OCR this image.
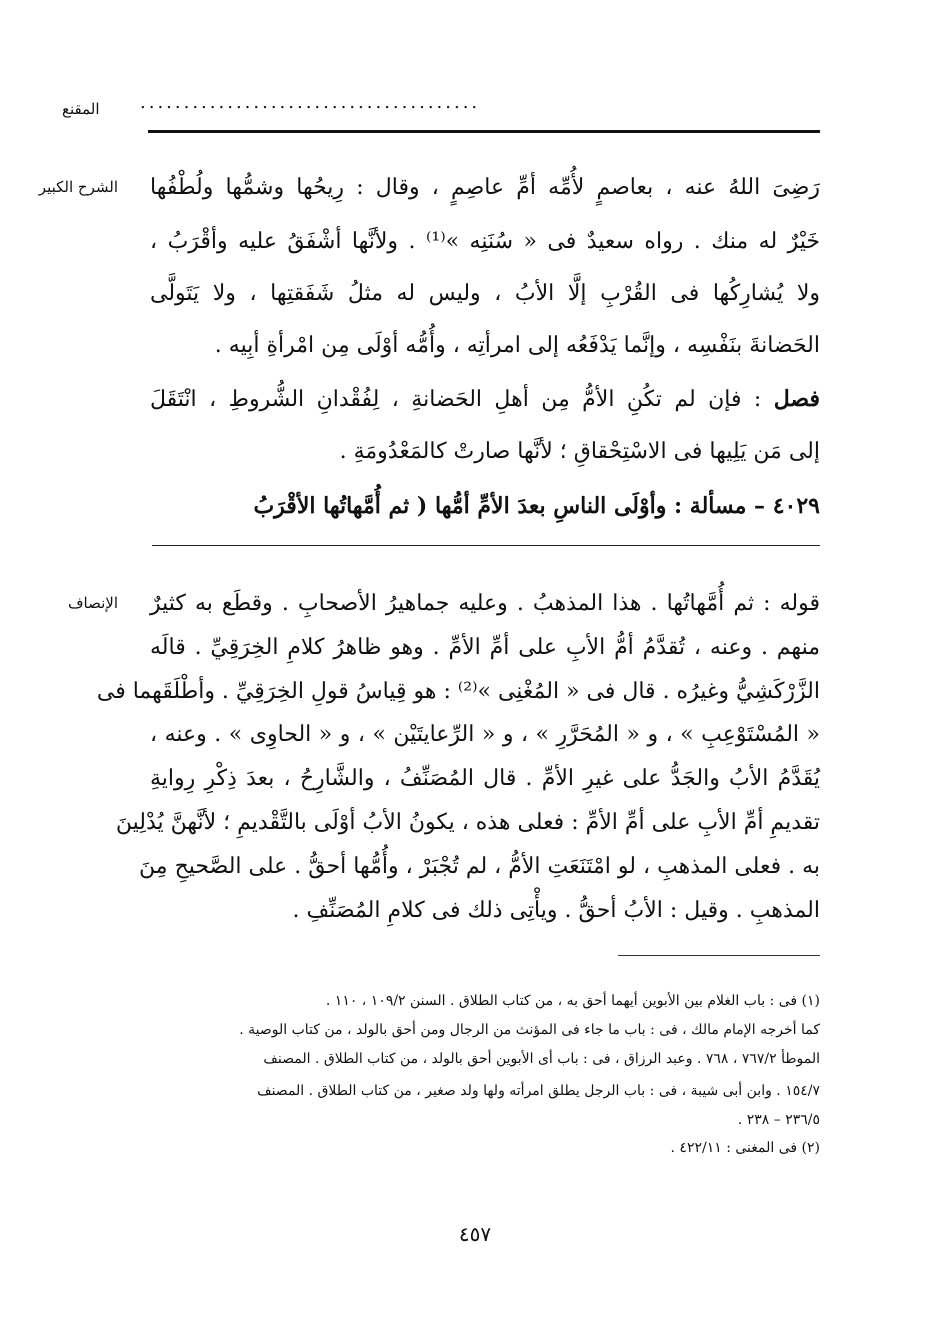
المقنع .......................................
الشرح الكبير رَضِىَ اللهُ عنه ، بعاصمٍ لأُمِّه أمِّ عاصِمٍ ، وقال : رِيحُها وشمُّها ولُطْفُها
خَيْرٌ له منك . رواه سعيدٌ فى « سُنَنِه »⁽¹⁾ . ولأنَّها أشْفَقُ عليه وأقْرَبُ ،
ولا يُشارِكُها فى القُرْبِ إلَّا الأبُ ، وليس له مثلُ شَفَقتِها ، ولا يَتَولَّى
الحَضانةَ بنَفْسِه ، وإنَّما يَدْفَعُه إلى امرأتِه ، وأُمُّه أوْلَى مِن امْرأةِ أبِيه .
فصل : فإن لم تكُنِ الأمُّ مِن أهلِ الحَضانةِ ، لِفُقْدانِ الشُّروطِ ، انْتَقَلَ
إلى مَن يَلِيها فى الاسْتِحْقاقِ ؛ لأنَّها صارتْ كالمَعْدُومَةِ .
٤٠٢٩ – مسألة : وأوْلَى الناسِ بعدَ الأمِّ أمُّها ( ثم أُمَّهاتُها الأقْرَبُ
الإنصاف قوله : ثم أُمَّهاتُها . هذا المذهبُ . وعليه جماهيرُ الأصحابِ . وقطَع به كثيرٌ
منهم . وعنه ، تُقدَّمُ أمُّ الأبِ على أمِّ الأمِّ . وهو ظاهرُ كلامِ الخِرَقِيِّ . قالَه
الزَّرْكَشِيُّ وغيرُه . قال فى « المُغْنِى »⁽²⁾ : هو قِياسُ قولِ الخِرَقِيِّ . وأطْلَقَهما فى
« المُسْتَوْعِبِ » ، و « المُحَرَّرِ » ، و « الرِّعايتَيْن » ، و « الحاوِى » . وعنه ،
يُقَدَّمُ الأبُ والجَدُّ على غيرِ الأمِّ . قال المُصَنِّفُ ، والشَّارِحُ ، بعدَ ذِكْرِ رِوايةِ
تقديمِ أمِّ الأبِ على أمِّ الأمِّ : فعلى هذه ، يكونُ الأبُ أوْلَى بالتَّقْديمِ ؛ لأنَّهنَّ يُدْلِينَ
به . فعلى المذهبِ ، لو امْتَنَعَتِ الأمُّ ، لم تُجْبَرْ ، وأُمُّها أحقُّ . على الصَّحيحِ مِنَ
المذهبِ . وقيل : الأبُ أحقُّ . ويأْتِى ذلك فى كلامِ المُصَنِّفِ .
(١) فى : باب الغلام بين الأبوين أيهما أحق به ، من كتاب الطلاق . السنن ١٠٩/٢ ، ١١٠ .
كما أخرجه الإمام مالك ، فى : باب ما جاء فى المؤنث من الرجال ومن أحق بالولد ، من كتاب الوصية .
الموطأ ٧٦٧/٢ ، ٧٦٨ . وعبد الرزاق ، فى : باب أى الأبوين أحق بالولد ، من كتاب الطلاق . المصنف
١٥٤/٧ . وابن أبى شيبة ، فى : باب الرجل يطلق امرأته ولها ولد صغير ، من كتاب الطلاق . المصنف
٢٣٦/٥ – ٢٣٨ .
(٢) فى المغنى : ٤٢٢/١١ .
٤٥٧
